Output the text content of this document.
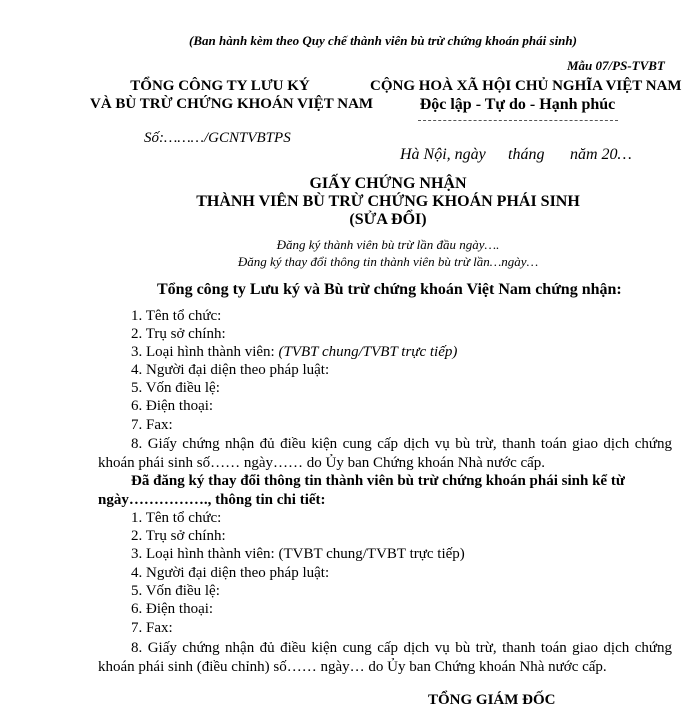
(Ban hành kèm theo Quy chế thành viên bù trừ chứng khoán phái sinh)
Mẫu 07/PS-TVBT
TỔNG CÔNG TY LƯU KÝ
VÀ BÙ TRỪ CHỨNG KHOÁN VIỆT NAM
CỘNG HOÀ XÃ HỘI CHỦ NGHĨA VIỆT NAM
Độc lập - Tự do - Hạnh phúc
Số:………/GCNTVBTPS
Hà Nội, ngày tháng năm 20…
GIẤY CHỨNG NHẬN
THÀNH VIÊN BÙ TRỪ CHỨNG KHOÁN PHÁI SINH
(SỬA ĐỔI)
Đăng ký thành viên bù trừ lần đầu ngày….
Đăng ký thay đổi thông tin thành viên bù trừ lần…ngày…
Tổng công ty Lưu ký và Bù trừ chứng khoán Việt Nam chứng nhận:
1. Tên tổ chức:
2. Trụ sở chính:
3. Loại hình thành viên: (TVBT chung/TVBT trực tiếp)
4. Người đại diện theo pháp luật:
5. Vốn điều lệ:
6. Điện thoại:
7. Fax:
8. Giấy chứng nhận đủ điều kiện cung cấp dịch vụ bù trừ, thanh toán giao dịch chứng khoán phái sinh số…… ngày…… do Ủy ban Chứng khoán Nhà nước cấp.
Đã đăng ký thay đổi thông tin thành viên bù trừ chứng khoán phái sinh kể từ ngày……………., thông tin chi tiết:
1. Tên tổ chức:
2. Trụ sở chính:
3. Loại hình thành viên: (TVBT chung/TVBT trực tiếp)
4. Người đại diện theo pháp luật:
5. Vốn điều lệ:
6. Điện thoại:
7. Fax:
8. Giấy chứng nhận đủ điều kiện cung cấp dịch vụ bù trừ, thanh toán giao dịch chứng khoán phái sinh (điều chỉnh) số…… ngày… do Ủy ban Chứng khoán Nhà nước cấp.
TỔNG GIÁM ĐỐC
